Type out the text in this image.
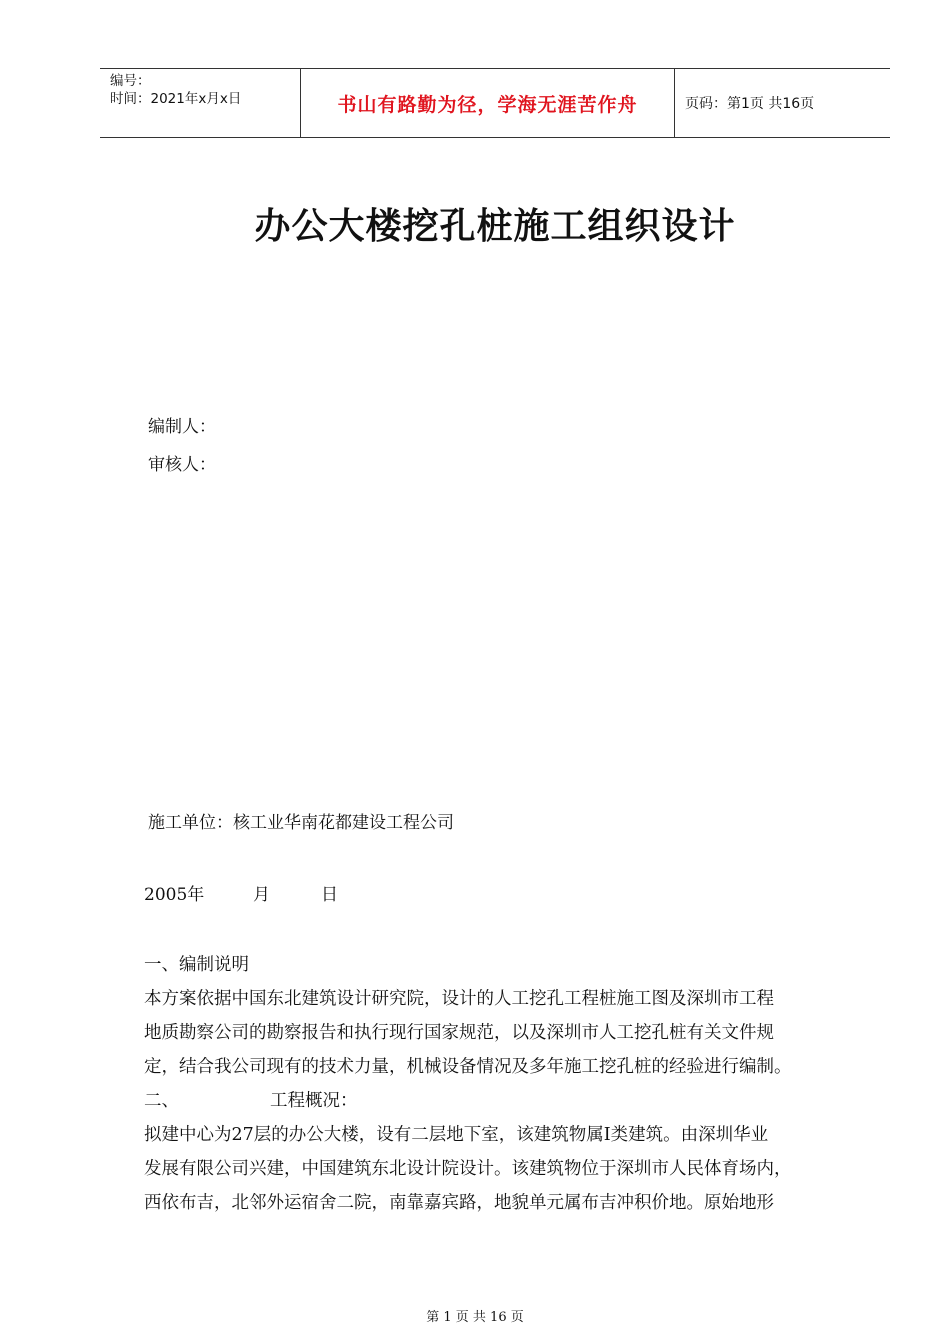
编号：
时间：2021年x月x日	书山有路勤为径，学海无涯苦作舟	页码：第1页 共16页
办公大楼挖孔桩施工组织设计
编制人：
审核人：
施工单位：核工业华南花都建设工程公司
2005年	月	日
一、编制说明
本方案依据中国东北建筑设计研究院，设计的人工挖孔工程桩施工图及深圳市工程
地质勘察公司的勘察报告和执行现行国家规范，以及深圳市人工挖孔桩有关文件规
定，结合我公司现有的技术力量，机械设备情况及多年施工挖孔桩的经验进行编制。
二、	工程概况：
拟建中心为27层的办公大楼，设有二层地下室，该建筑物属Ⅰ类建筑。由深圳华业
发展有限公司兴建，中国建筑东北设计院设计。该建筑物位于深圳市人民体育场内，
西依布吉，北邻外运宿舍二院，南靠嘉宾路，地貌单元属布吉冲积价地。原始地形
第 1 页 共 16 页
